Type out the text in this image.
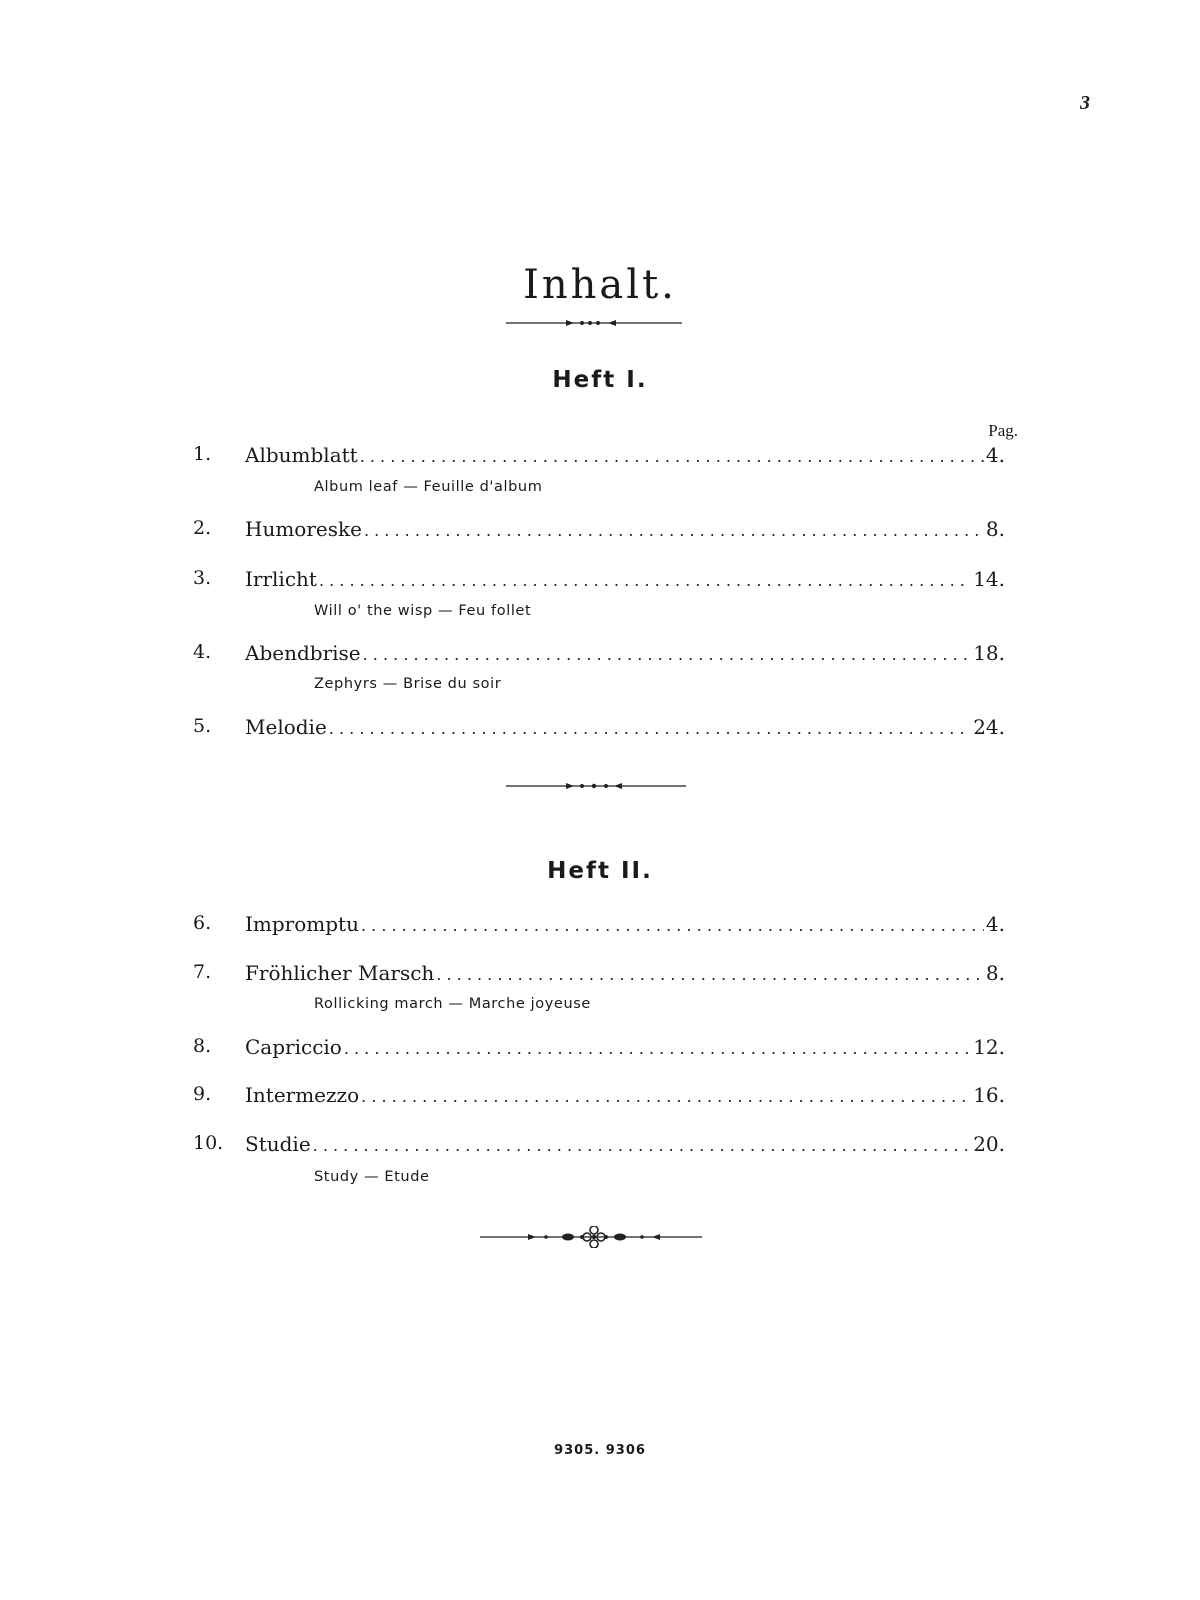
3
Inhalt.
Heft I.
Pag.
1.	Albumblatt . . .	4.
Album leaf — Feuille d'album
2.	Humoreske . . .	8.
3.	Irrlicht . . .	14.
Will o' the wisp — Feu follet
4.	Abendbrise . . .	18.
Zephyrs — Brise du soir
5.	Melodie . . .	24.
Heft II.
6.	Impromptu . . .	4.
7.	Fröhlicher Marsch . . .	8.
Rollicking march — Marche joyeuse
8.	Capriccio . . .	12.
9.	Intermezzo . . .	16.
10. Studie . . .	20.
Study — Etude
9305. 9306
